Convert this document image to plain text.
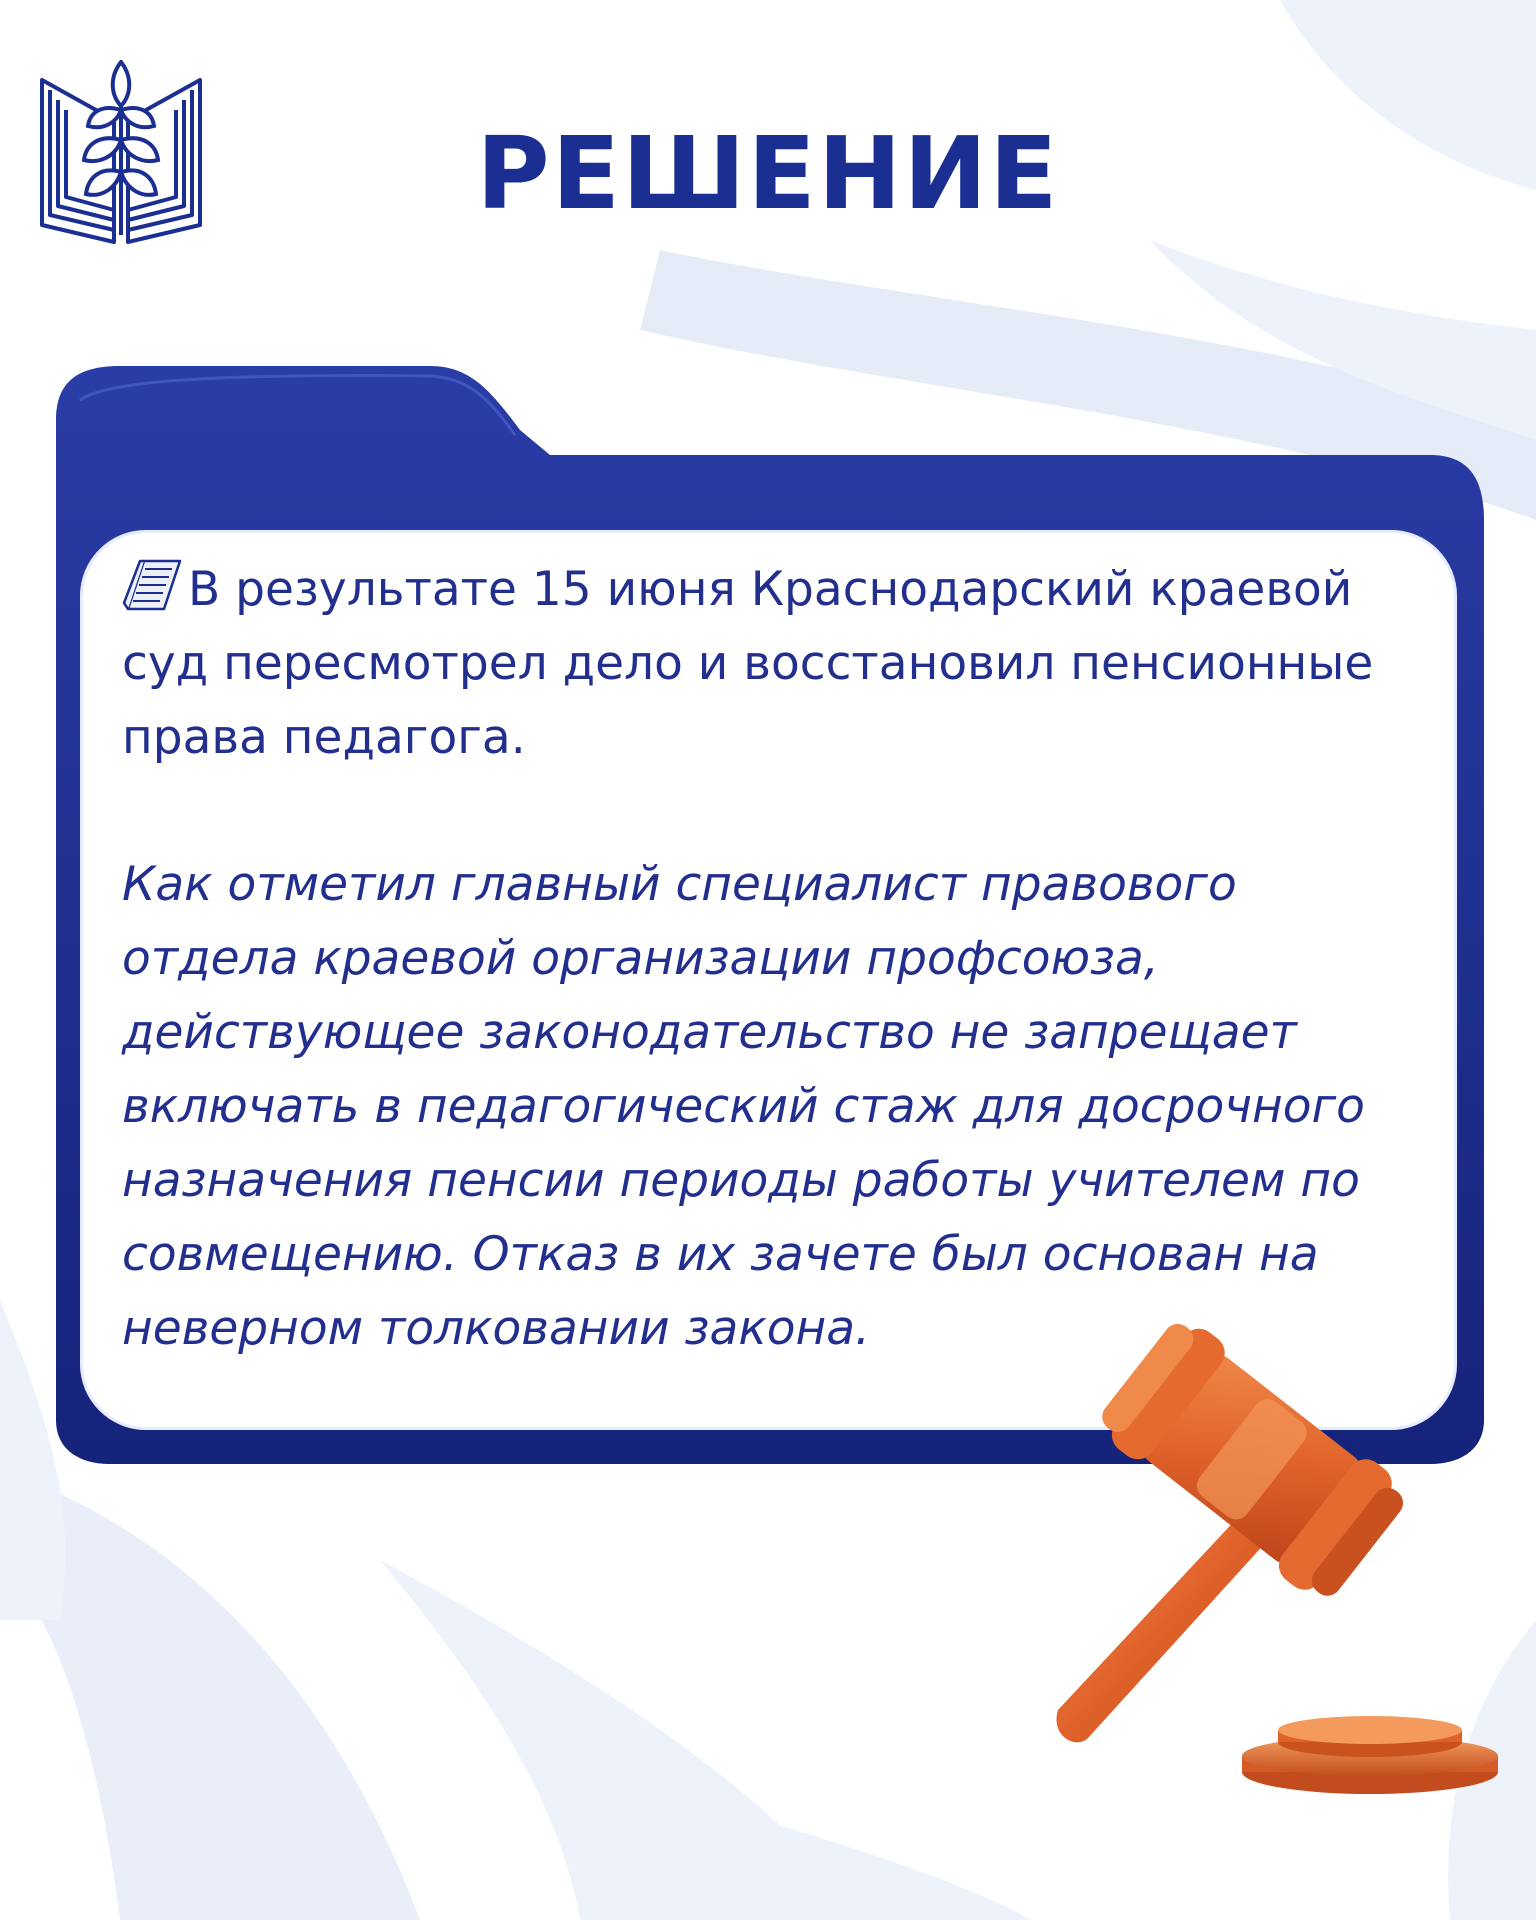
РЕШЕНИЕ

В результате 15 июня Краснодарский краевой суд пересмотрел дело и восстановил пенсионные права педагога.

Как отметил главный специалист правового отдела краевой организации профсоюза, действующее законодательство не запрещает включать в педагогический стаж для досрочного назначения пенсии периоды работы учителем по совмещению. Отказ в их зачете был основан на неверном толковании закона.
